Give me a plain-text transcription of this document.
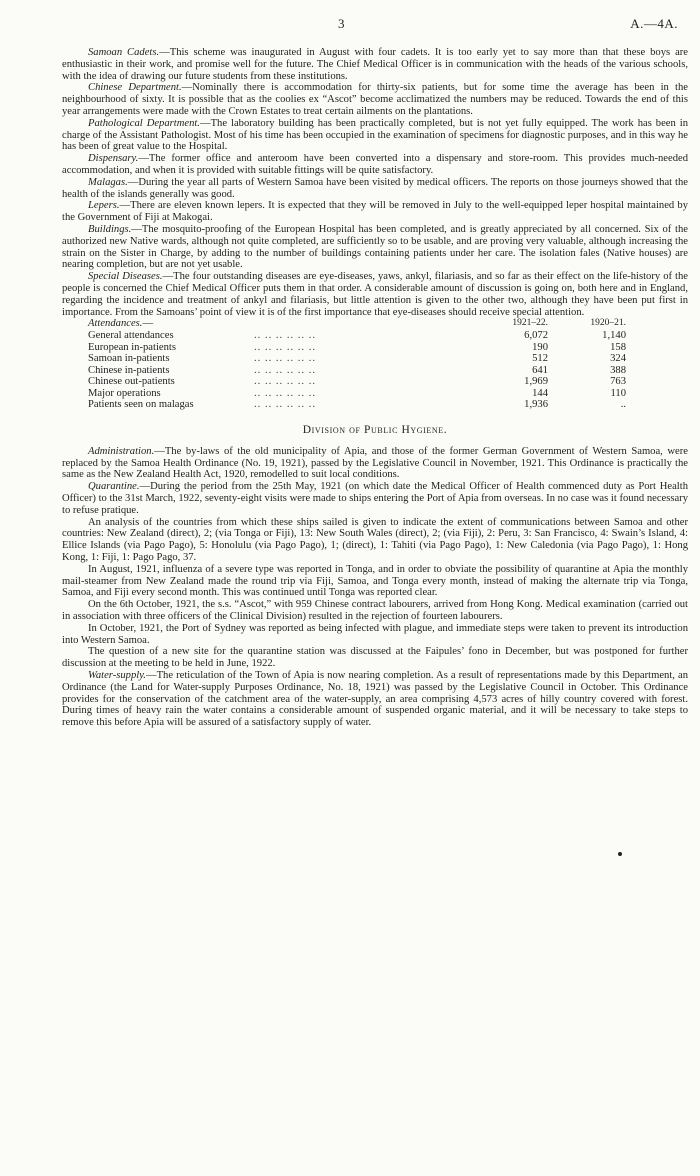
3	A.—4A.

Samoan Cadets.—This scheme was inaugurated in August with four cadets. It is too early yet to say more than that these boys are enthusiastic in their work, and promise well for the future. The Chief Medical Officer is in communication with the heads of the various schools, with the idea of drawing our future students from these institutions.

Chinese Department.—Nominally there is accommodation for thirty-six patients, but for some time the average has been in the neighbourhood of sixty. It is possible that as the coolies ex “Ascot” become acclimatized the numbers may be reduced. Towards the end of this year arrangements were made with the Crown Estates to treat certain ailments on the plantations.

Pathological Department.—The laboratory building has been practically completed, but is not yet fully equipped. The work has been in charge of the Assistant Pathologist. Most of his time has been occupied in the examination of specimens for diagnostic purposes, and in this way he has been of great value to the Hospital.

Dispensary.—The former office and anteroom have been converted into a dispensary and store-room. This provides much-needed accommodation, and when it is provided with suitable fittings will be quite satisfactory.

Malagas.—During the year all parts of Western Samoa have been visited by medical officers. The reports on those journeys showed that the health of the islands generally was good.

Lepers.—There are eleven known lepers. It is expected that they will be removed in July to the well-equipped leper hospital maintained by the Government of Fiji at Makogai.

Buildings.—The mosquito-proofing of the European Hospital has been completed, and is greatly appreciated by all concerned. Six of the authorized new Native wards, although not quite completed, are sufficiently so to be usable, and are proving very valuable, although increasing the strain on the Sister in Charge, by adding to the number of buildings containing patients under her care. The isolation fales (Native houses) are nearing completion, but are not yet usable.

Special Diseases.—The four outstanding diseases are eye-diseases, yaws, ankyl, filariasis, and so far as their effect on the life-history of the people is concerned the Chief Medical Officer puts them in that order. A considerable amount of discussion is going on, both here and in England, regarding the incidence and treatment of ankyl and filariasis, but little attention is given to the other two, although they have been put first in importance. From the Samoans’ point of view it is of the first importance that eye-diseases should receive special attention.

Attendances.—		1921–22.	1920–21.
General attendances	.. .. .. .. .. ..	6,072	1,140
European in-patients	.. .. .. .. .. ..	190	158
Samoan in-patients	.. .. .. .. .. ..	512	324
Chinese in-patients	.. .. .. .. .. ..	641	388
Chinese out-patients	.. .. .. .. .. ..	1,969	763
Major operations	.. .. .. .. .. ..	144	110
Patients seen on malagas	.. .. .. .. .. ..	1,936	..
Division of Public Hygiene.

Administration.—The by-laws of the old municipality of Apia, and those of the former German Government of Western Samoa, were replaced by the Samoa Health Ordinance (No. 19, 1921), passed by the Legislative Council in November, 1921. This Ordinance is practically the same as the New Zealand Health Act, 1920, remodelled to suit local conditions.

Quarantine.—During the period from the 25th May, 1921 (on which date the Medical Officer of Health commenced duty as Port Health Officer) to the 31st March, 1922, seventy-eight visits were made to ships entering the Port of Apia from overseas. In no case was it found necessary to refuse pratique.

An analysis of the countries from which these ships sailed is given to indicate the extent of communications between Samoa and other countries: New Zealand (direct), 2; (via Tonga or Fiji), 13: New South Wales (direct), 2; (via Fiji), 2: Peru, 3: San Francisco, 4: Swain’s Island, 4: Ellice Islands (via Pago Pago), 5: Honolulu (via Pago Pago), 1; (direct), 1: Tahiti (via Pago Pago), 1: New Caledonia (via Pago Pago), 1: Hong Kong, 1: Fiji, 1: Pago Pago, 37.

In August, 1921, influenza of a severe type was reported in Tonga, and in order to obviate the possibility of quarantine at Apia the monthly mail-steamer from New Zealand made the round trip via Fiji, Samoa, and Tonga every month, instead of making the alternate trip via Tonga, Samoa, and Fiji every second month. This was continued until Tonga was reported clear.

On the 6th October, 1921, the s.s. “Ascot,” with 959 Chinese contract labourers, arrived from Hong Kong. Medical examination (carried out in association with three officers of the Clinical Division) resulted in the rejection of fourteen labourers.

In October, 1921, the Port of Sydney was reported as being infected with plague, and immediate steps were taken to prevent its introduction into Western Samoa.

The question of a new site for the quarantine station was discussed at the Faipules’ fono in December, but was postponed for further discussion at the meeting to be held in June, 1922.

Water-supply.—The reticulation of the Town of Apia is now nearing completion. As a result of representations made by this Department, an Ordinance (the Land for Water-supply Purposes Ordinance, No. 18, 1921) was passed by the Legislative Council in October. This Ordinance provides for the conservation of the catchment area of the water-supply, an area comprising 4,573 acres of hilly country covered with forest. During times of heavy rain the water contains a considerable amount of suspended organic material, and it will be necessary to take steps to remove this before Apia will be assured of a satisfactory supply of water.
